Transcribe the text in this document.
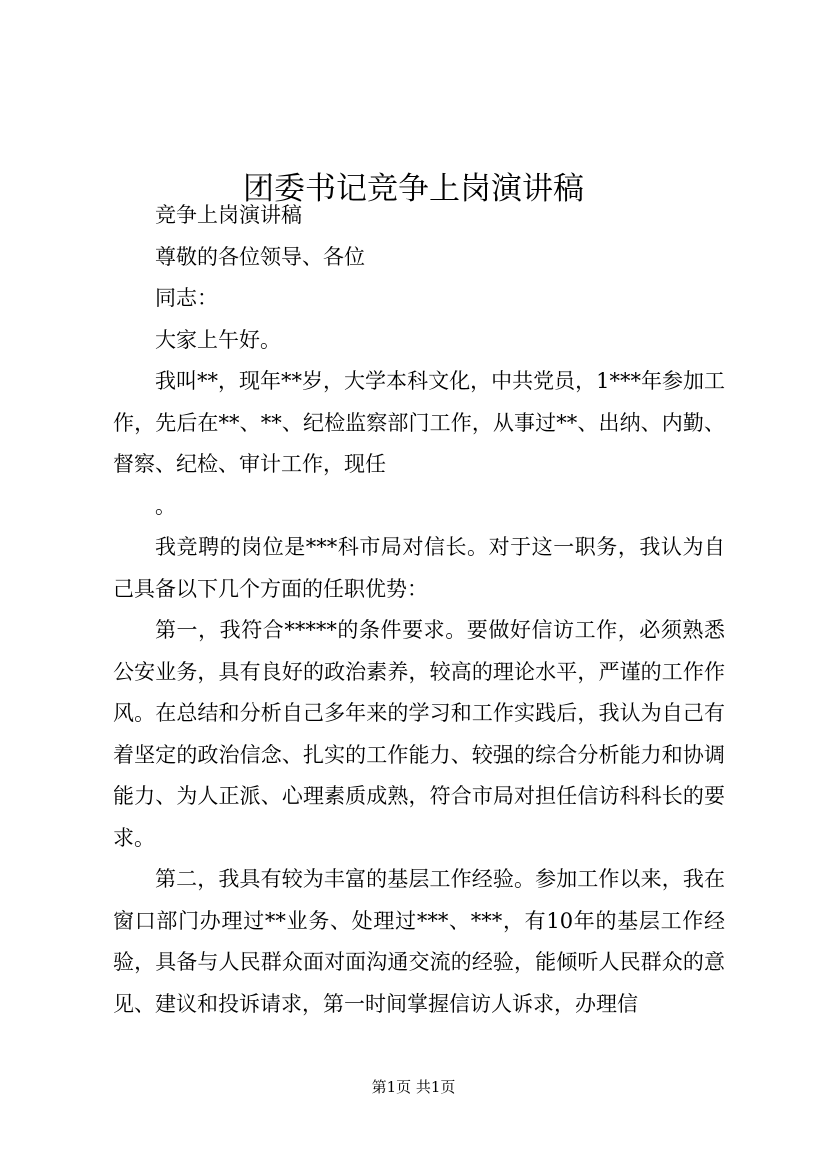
团委书记竞争上岗演讲稿

竞争上岗演讲稿

尊敬的各位领导、各位

同志：

大家上午好。

我叫**，现年**岁，大学本科文化，中共党员，1***年参加工作，先后在**、**、纪检监察部门工作，从事过**、出纳、内勤、督察、纪检、审计工作，现任

。

我竞聘的岗位是***科市局对信长。对于这一职务，我认为自己具备以下几个方面的任职优势：

第一，我符合*****的条件要求。要做好信访工作，必须熟悉公安业务，具有良好的政治素养，较高的理论水平，严谨的工作作风。在总结和分析自己多年来的学习和工作实践后，我认为自己有着坚定的政治信念、扎实的工作能力、较强的综合分析能力和协调能力、为人正派、心理素质成熟，符合市局对担任信访科科长的要求。

第二，我具有较为丰富的基层工作经验。参加工作以来，我在窗口部门办理过**业务、处理过***、***，有10年的基层工作经验，具备与人民群众面对面沟通交流的经验，能倾听人民群众的意见、建议和投诉请求，第一时间掌握信访人诉求，办理信

第1页 共1页
